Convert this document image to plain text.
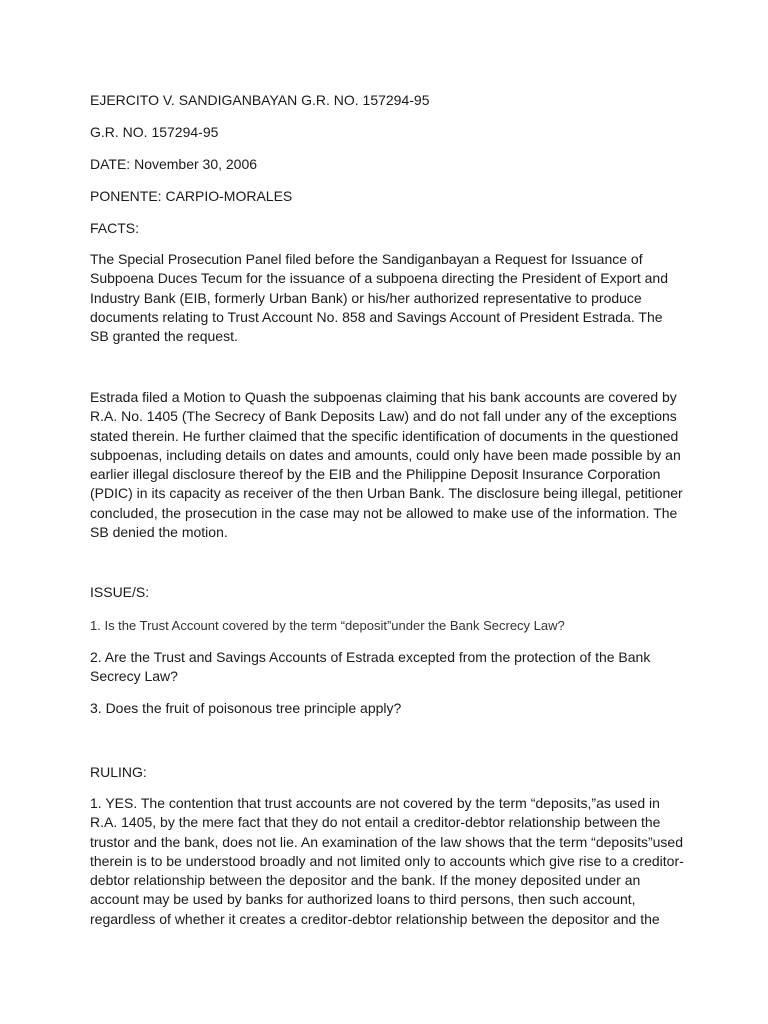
EJERCITO V. SANDIGANBAYAN G.R. NO. 157294-95
G.R. NO. 157294-95
DATE: November 30, 2006
PONENTE: CARPIO-MORALES
FACTS:

The Special Prosecution Panel filed before the Sandiganbayan a Request for Issuance of

Subpoena Duces Tecum for the issuance of a subpoena directing the President of Export and

Industry Bank (EIB, formerly Urban Bank) or his/her authorized representative to produce

documents relating to Trust Account No. 858 and Savings Account of President Estrada. The

SB granted the request.

Estrada filed a Motion to Quash the subpoenas claiming that his bank accounts are covered by

R.A. No. 1405 (The Secrecy of Bank Deposits Law) and do not fall under any of the exceptions

stated therein. He further claimed that the specific identification of documents in the questioned

subpoenas, including details on dates and amounts, could only have been made possible by an

earlier illegal disclosure thereof by the EIB and the Philippine Deposit Insurance Corporation

(PDIC) in its capacity as receiver of the then Urban Bank. The disclosure being illegal, petitioner

concluded, the prosecution in the case may not be allowed to make use of the information. The

SB denied the motion.

ISSUE/S:
1. Is the Trust Account covered by the term “deposit”under the Bank Secrecy Law?

2. Are the Trust and Savings Accounts of Estrada excepted from the protection of the Bank

Secrecy Law?

3. Does the fruit of poisonous tree principle apply?
RULING:

1. YES. The contention that trust accounts are not covered by the term “deposits,”as used in

R.A. 1405, by the mere fact that they do not entail a creditor-debtor relationship between the

trustor and the bank, does not lie. An examination of the law shows that the term “deposits”used

therein is to be understood broadly and not limited only to accounts which give rise to a creditor-

debtor relationship between the depositor and the bank. If the money deposited under an

account may be used by banks for authorized loans to third persons, then such account,

regardless of whether it creates a creditor-debtor relationship between the depositor and the
